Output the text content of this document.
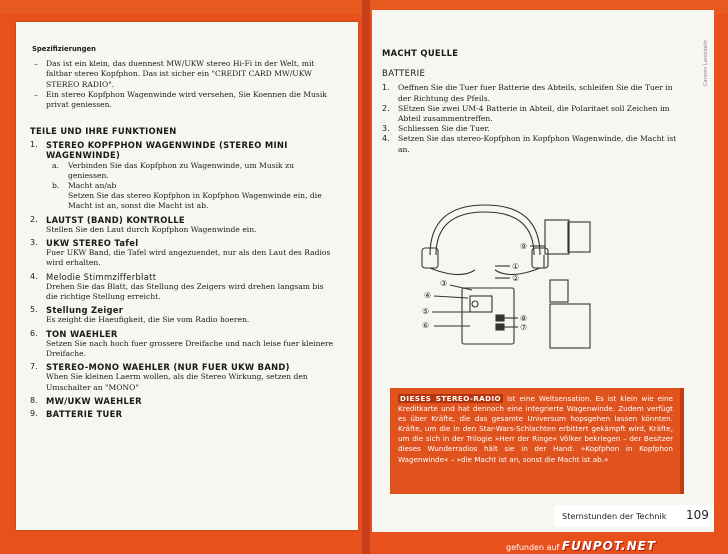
Spezifizierungen
– Das ist ein klein, das duennest MW/UKW stereo Hi-Fi in der Welt, mit faltbar stereo Kopfphon. Das ist sicher ein "CREDIT CARD MW/UKW STEREO RADIO".
– Ein stereo Kopfphon Wagenwinde wird versehen, Sie Koennen die Musik privat geniessen.
TEILE UND IHRE FUNKTIONEN
1. STEREO KOPFPHON WAGENWINDE (STEREO MINI WAGENWINDE)
a. Verbinden Sie das Kopfphon zu Wagenwinde, um Musik zu geniessen.
b. Macht an/ab
Setzen Sie das stereo Kopfphon in Kopfphon Wagenwinde ein, die Macht ist an, sonst die Macht ist ab.
2. LAUTST (BAND) KONTROLLE
Stellen Sie den Laut durch Kopfphon Wagenwinde ein.
3. UKW STEREO Tafel
Fuer UKW Band, die Tafel wird angezuendet, nur als den Laut des Radios wird erhalten.
4. Melodie Stimmzifferblatt
Drehen Sie das Blatt, das Stellung des Zeigers wird drehen langsam bis die richtige Stellung erreicht.
5. Stellung Zeiger
Es zeight die Haeufigkeit, die Sie vom Radio hoeren.
6. TON WAEHLER
Setzen Sie nach hoch fuer grossere Dreifache und nach leise fuer kleinere Dreifache.
7. STEREO-MONO WAEHLER (NUR FUER UKW BAND)
When Sie kleinen Laerm wollen, als die Stereo Wirkung, setzen den Umschalter an "MONO"
8. MW/UKW WAEHLER
9. BATTERIE TUER
Carsten Laresbath
MACHT QUELLE
BATTERIE
1. Oeffnen Sie die Tuer fuer Batterie des Abteils, schleifen Sie die Tuer in der Richtung des Pfeils.
2. SEtzen Sie zwei UM-4 Batterie in Abteil, die Polaritaet soll Zeichen im Abteil zusammentreffen.
3. Schliessen Sie die Tuer.
4. Setzen Sie das stereo-Kopfphon in Kopfphon Wagenwinde, die Macht ist an.
①
②
③
④
⑤
⑥	⑦
⑧
⑨

DIESES STEREO-RADIO ist eine Weltsensation. Es ist klein wie eine Kreditkarte und hat dennoch eine integrierte Wagenwinde. Zudem verfügt es über Kräfte, die das gesamte Universum hopsgehen lassen könnten. Kräfte, um die in den Star-Wars-Schlachten erbittert gekämpft wird, Kräfte, um die sich in der Trilogie »Herr der Ringe« Völker bekriegen – der Besitzer dieses Wunderradios hält sie in der Hand: »Kopfphon in Kopfphon Wagenwinde« – »die Macht ist an, sonst die Macht ist ab.«

Sternstunden der Technik 109
gefunden auf FUNPOT.NET
